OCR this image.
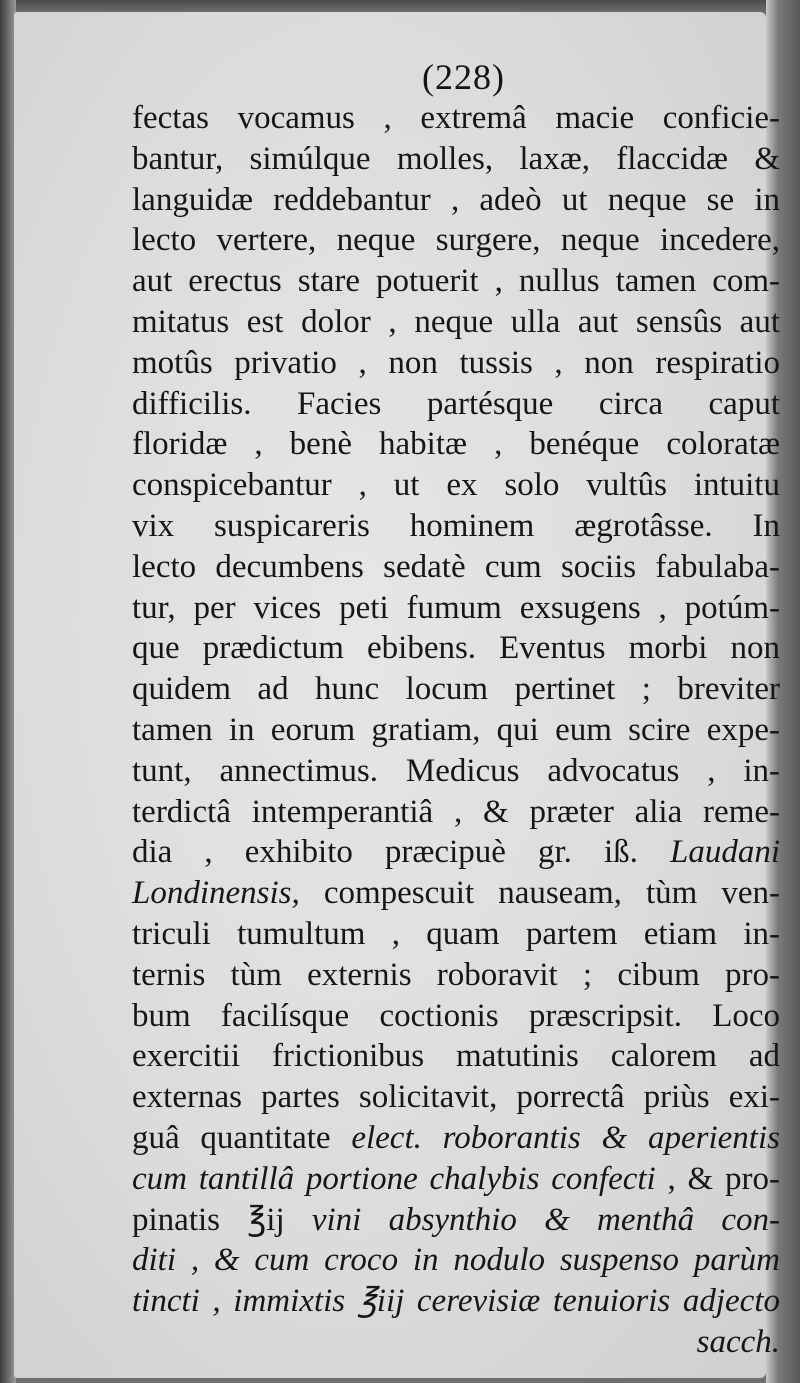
(228)

fectas vocamus , extremâ macie conficie-
bantur, simúlque molles, laxæ, flaccidæ &
languidæ reddebantur , adeò ut neque se in
lecto vertere, neque surgere, neque incedere,
aut erectus stare potuerit , nullus tamen com-
mitatus est dolor , neque ulla aut sensûs aut
motûs privatio , non tussis , non respiratio
difficilis. Facies partésque circa caput
floridæ , benè habitæ , benéque coloratæ
conspicebantur , ut ex solo vultûs intuitu
vix suspicareris hominem ægrotâsse. In
lecto decumbens sedatè cum sociis fabulaba-
tur, per vices peti fumum exsugens , potúm-
que prædictum ebibens. Eventus morbi non
quidem ad hunc locum pertinet ; breviter
tamen in eorum gratiam, qui eum scire expe-
tunt, annectimus. Medicus advocatus , in-
terdictâ intemperantiâ , & præter alia reme-
dia , exhibito præcipuè gr. iß. Laudani
Londinensis, compescuit nauseam, tùm ven-
triculi tumultum , quam partem etiam in-
ternis tùm externis roboravit ; cibum pro-
bum facilísque coctionis præscripsit. Loco
exercitii frictionibus matutinis calorem ad
externas partes solicitavit, porrectâ priùs exi-
guâ quantitate elect. roborantis & aperientis
cum tantillâ portione chalybis confecti , & pro-
pinatis ℥ij vini absynthio & menthâ con-
diti , & cum croco in nodulo suspenso parùm
tincti , immixtis ℥iij cerevisiæ tenuioris adjecto
sacch.
